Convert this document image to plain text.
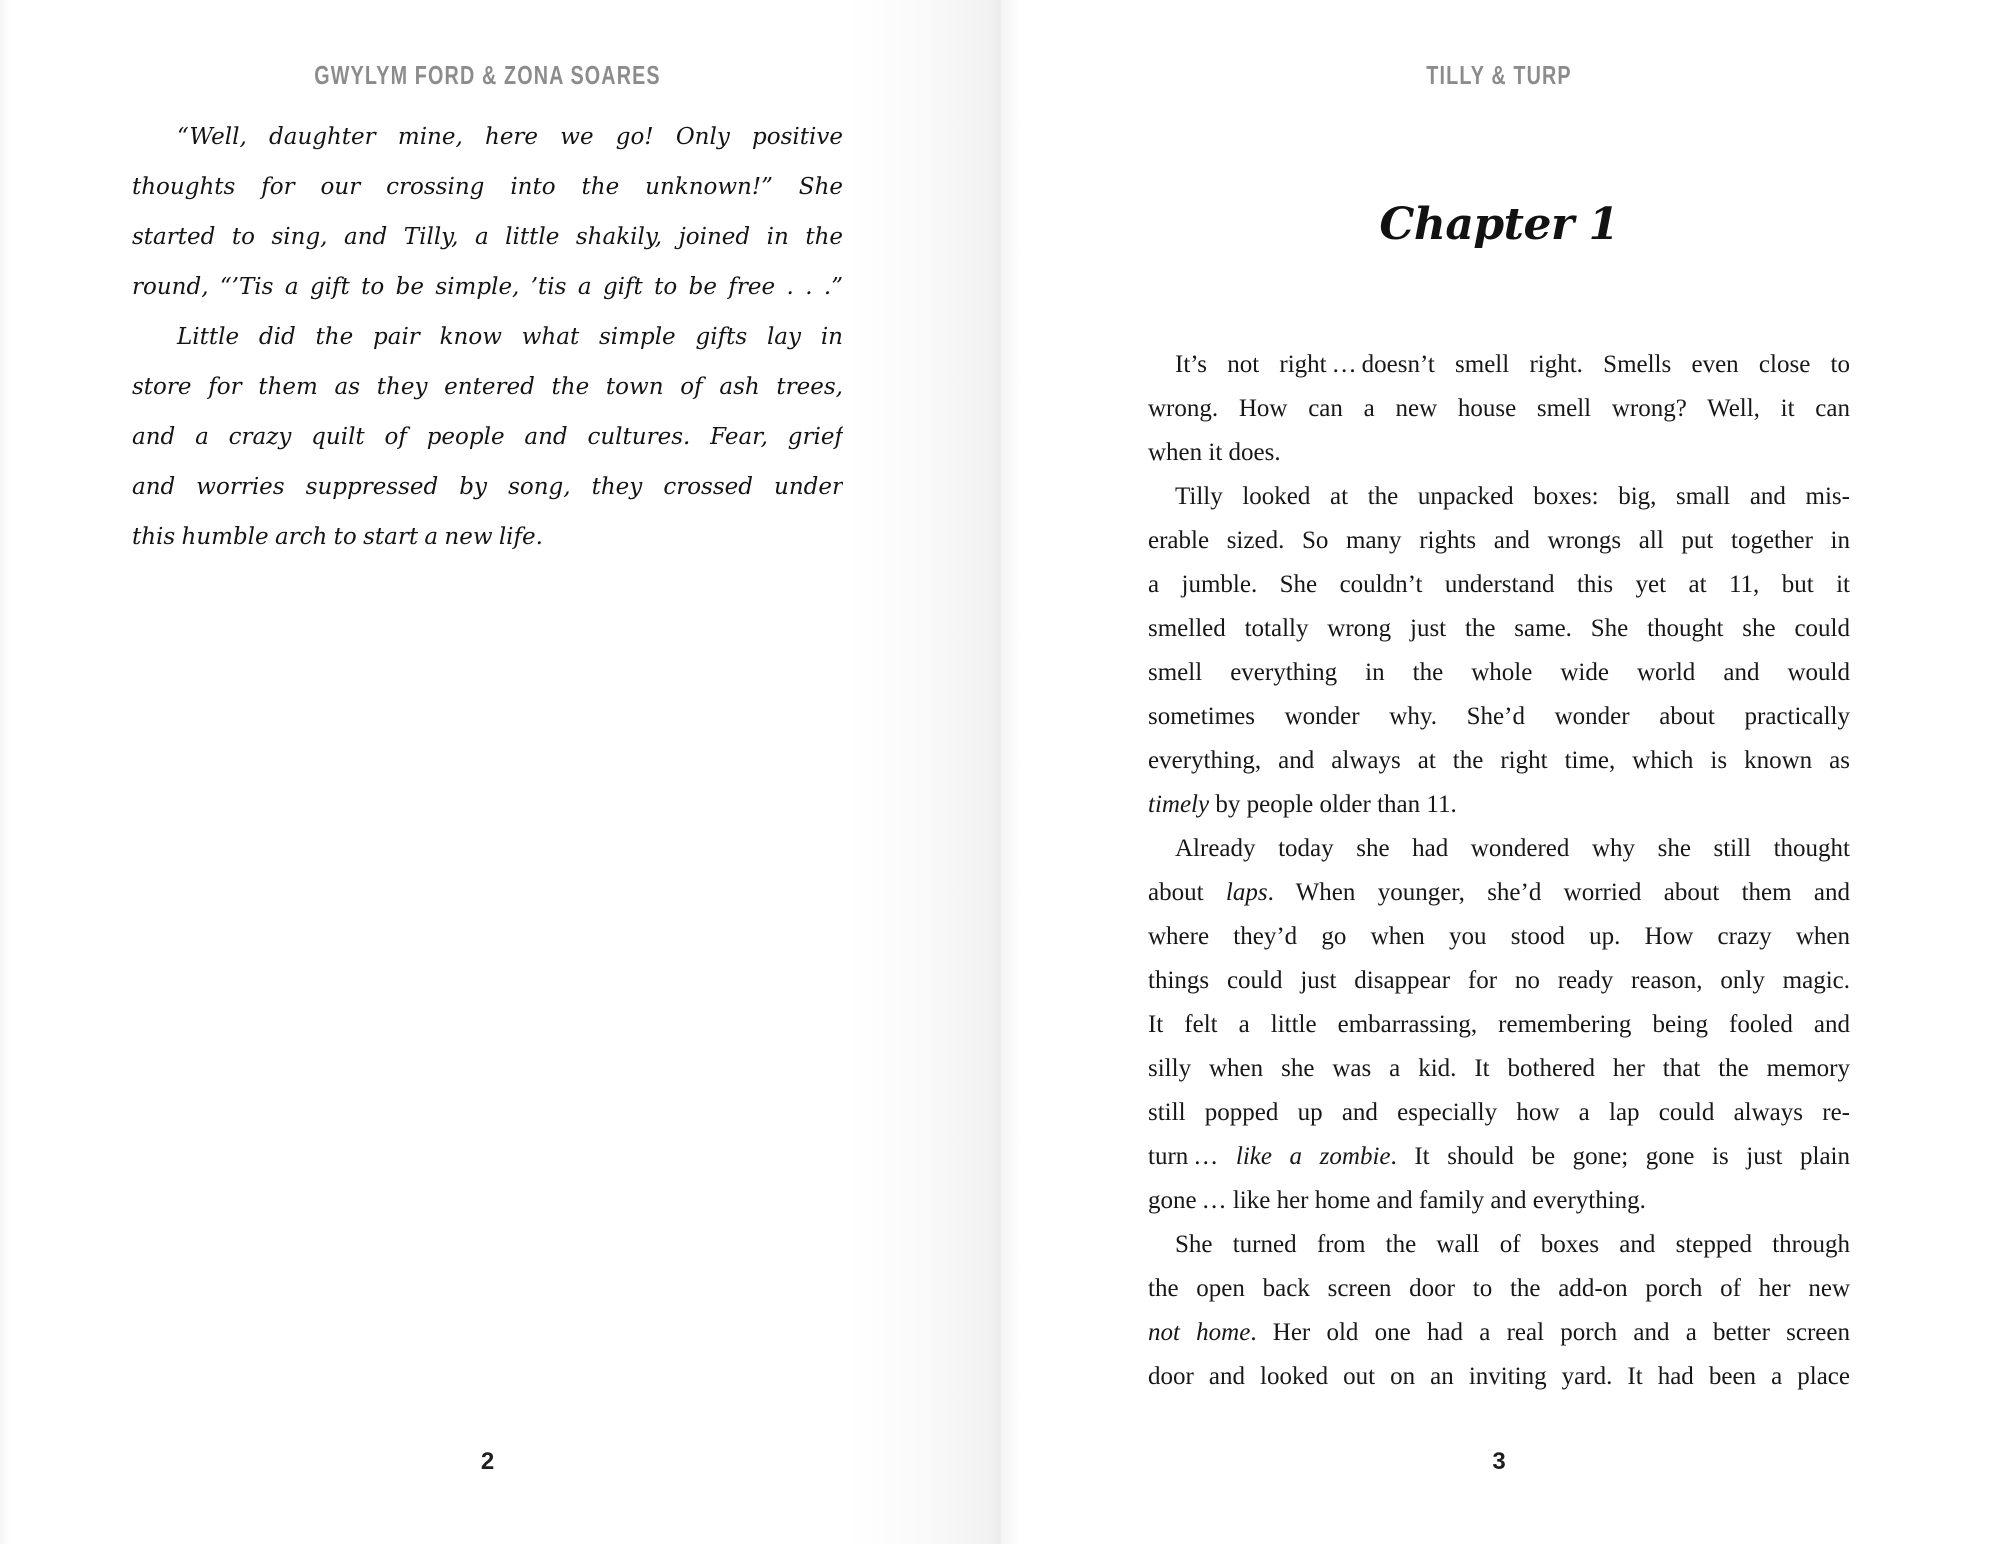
GWYLYM FORD & ZONA SOARES
“Well, daughter mine, here we go! Only positive
thoughts for our crossing into the unknown!” She
started to sing, and Tilly, a little shakily, joined in the
round, “’Tis a gift to be simple, ’tis a gift to be free . . .”
Little did the pair know what simple gifts lay in
store for them as they entered the town of ash trees,
and a crazy quilt of people and cultures. Fear, grief
and worries suppressed by song, they crossed under
this humble arch to start a new life.
2
TILLY & TURP
Chapter 1
It’s not right … doesn’t smell right. Smells even close to
wrong. How can a new house smell wrong? Well, it can
when it does.
Tilly looked at the unpacked boxes: big, small and mis-
erable sized. So many rights and wrongs all put together in
a jumble. She couldn’t understand this yet at 11, but it
smelled totally wrong just the same. She thought she could
smell everything in the whole wide world and would
sometimes wonder why. She’d wonder about practically
everything, and always at the right time, which is known as
timely by people older than 11.
Already today she had wondered why she still thought
about laps. When younger, she’d worried about them and
where they’d go when you stood up. How crazy when
things could just disappear for no ready reason, only magic.
It felt a little embarrassing, remembering being fooled and
silly when she was a kid. It bothered her that the memory
still popped up and especially how a lap could always re-
turn … like a zombie. It should be gone; gone is just plain
gone … like her home and family and everything.
She turned from the wall of boxes and stepped through
the open back screen door to the add-on porch of her new
not home. Her old one had a real porch and a better screen
door and looked out on an inviting yard. It had been a place
3
